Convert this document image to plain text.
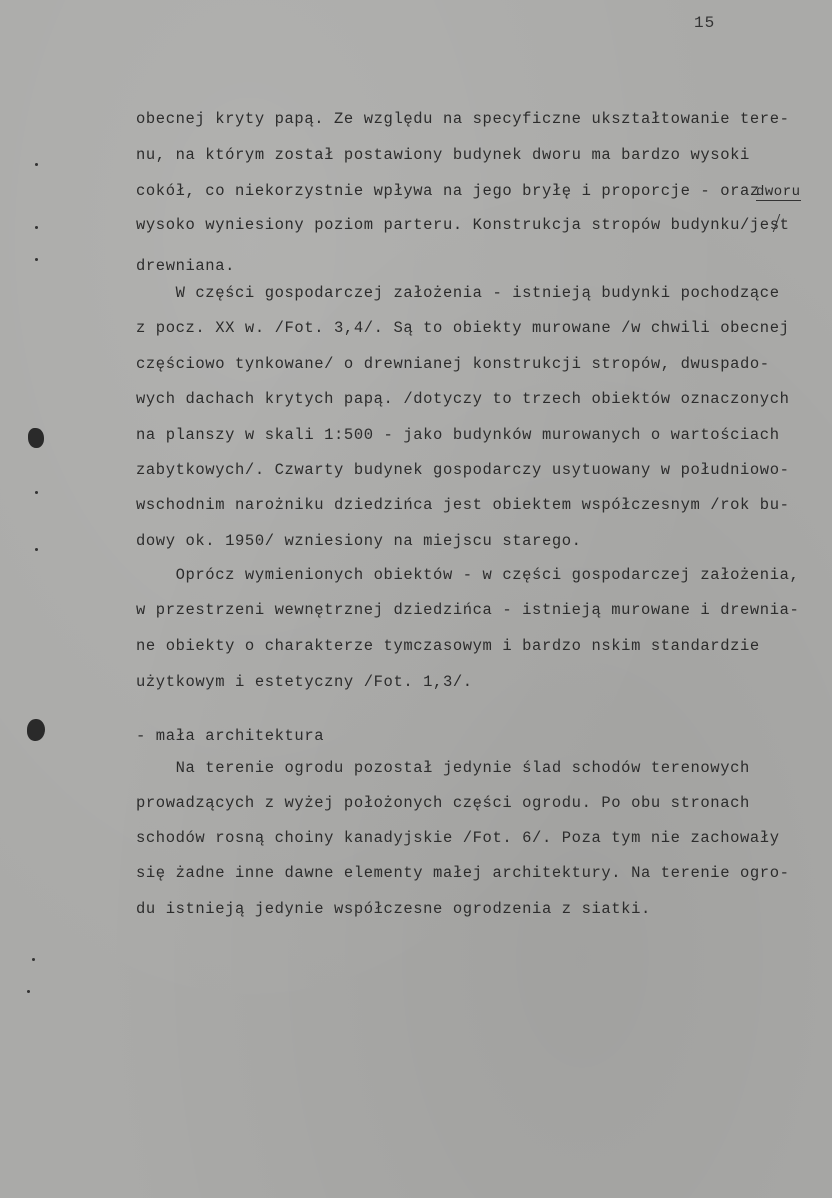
15
dworu
obecnej kryty papą. Ze względu na specyficzne ukształtowanie tere-
nu, na którym został postawiony budynek dworu ma bardzo wysoki
cokół, co niekorzystnie wpływa na jego bryłę i proporcje - oraz
wysoko wyniesiony poziom parteru. Konstrukcja stropów budynku/jest
drewniana.
W części gospodarczej założenia - istnieją budynki pochodzące
z pocz. XX w. /Fot. 3,4/. Są to obiekty murowane /w chwili obecnej
częściowo tynkowane/ o drewnianej konstrukcji stropów, dwuspado-
wych dachach krytych papą. /dotyczy to trzech obiektów oznaczonych
na planszy w skali 1:500 - jako budynków murowanych o wartościach
zabytkowych/. Czwarty budynek gospodarczy usytuowany w południowo-
wschodnim narożniku dziedzińca jest obiektem współczesnym /rok bu-
dowy ok. 1950/ wzniesiony na miejscu starego.
Oprócz wymienionych obiektów - w części gospodarczej założenia,
w przestrzeni wewnętrznej dziedzińca - istnieją murowane i drewnia-
ne obiekty o charakterze tymczasowym i bardzo nskim standardzie
użytkowym i estetyczny /Fot. 1,3/.
- mała architektura
Na terenie ogrodu pozostał jedynie ślad schodów terenowych
prowadzących z wyżej położonych części ogrodu. Po obu stronach
schodów rosną choiny kanadyjskie /Fot. 6/. Poza tym nie zachowały
się żadne inne dawne elementy małej architektury. Na terenie ogro-
du istnieją jedynie współczesne ogrodzenia z siatki.
